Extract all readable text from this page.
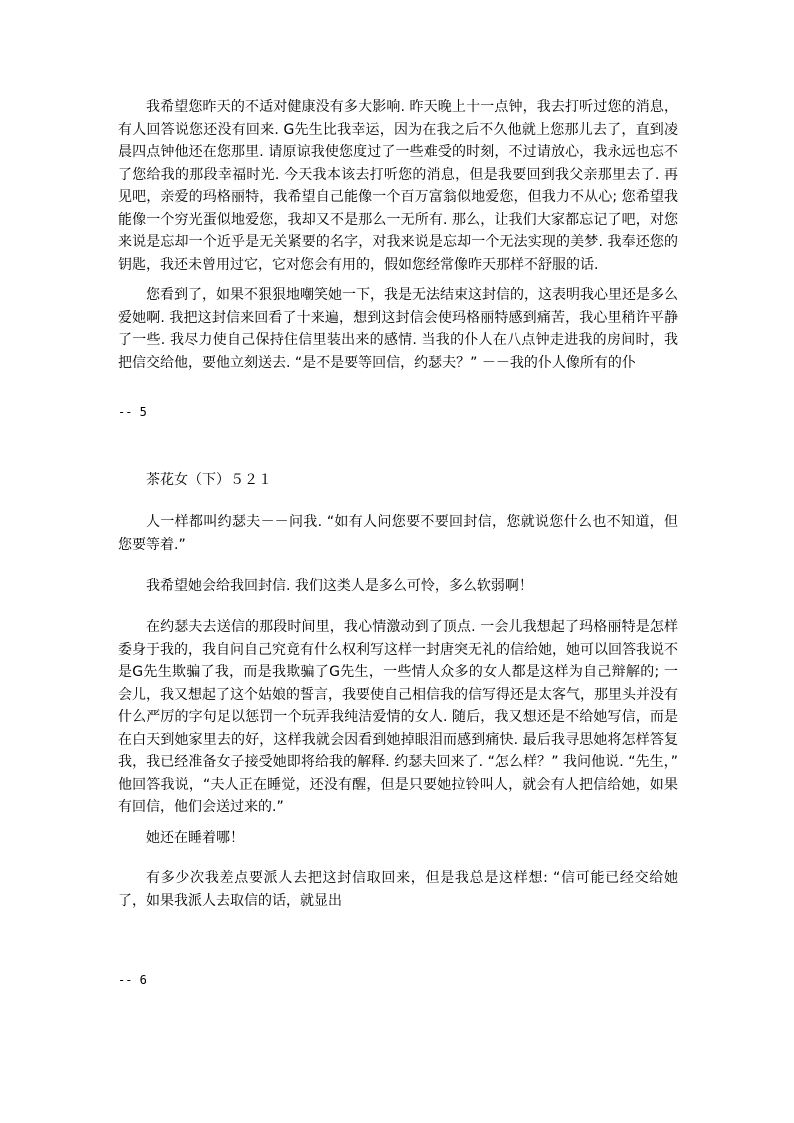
我希望您昨天的不适对健康没有多大影响. 昨天晚上十一点钟，我去打听过您的消息，有人回答说您还没有回来. G先生比我幸运，因为在我之后不久他就上您那儿去了，直到凌晨四点钟他还在您那里. 请原谅我使您度过了一些难受的时刻，不过请放心，我永远也忘不了您给我的那段幸福时光. 今天我本该去打听您的消息，但是我要回到我父亲那里去了. 再见吧，亲爱的玛格丽特，我希望自己能像一个百万富翁似地爱您，但我力不从心; 您希望我能像一个穷光蛋似地爱您，我却又不是那么一无所有. 那么，让我们大家都忘记了吧，对您来说是忘却一个近乎是无关紧要的名字，对我来说是忘却一个无法实现的美梦. 我奉还您的钥匙，我还未曾用过它，它对您会有用的，假如您经常像昨天那样不舒服的话.

您看到了，如果不狠狠地嘲笑她一下，我是无法结束这封信的，这表明我心里还是多么爱她啊. 我把这封信来回看了十来遍，想到这封信会使玛格丽特感到痛苦，我心里稍许平静了一些. 我尽力使自己保持住信里装出来的感情. 当我的仆人在八点钟走进我的房间时，我把信交给他，要他立刻送去. “是不是要等回信，约瑟夫？” －－我的仆人像所有的仆

-- 5
茶花女（下）５２１

人一样都叫约瑟夫－－问我. “如有人问您要不要回封信，您就说您什么也不知道，但您要等着.”

我希望她会给我回封信. 我们这类人是多么可怜，多么软弱啊！

在约瑟夫去送信的那段时间里，我心情激动到了顶点. 一会儿我想起了玛格丽特是怎样委身于我的，我自问自己究竟有什么权利写这样一封唐突无礼的信给她，她可以回答我说不是G先生欺骗了我，而是我欺骗了G先生，一些情人众多的女人都是这样为自己辩解的; 一会儿，我又想起了这个姑娘的誓言，我要使自己相信我的信写得还是太客气，那里头并没有什么严厉的字句足以惩罚一个玩弄我纯洁爱情的女人. 随后，我又想还是不给她写信，而是在白天到她家里去的好，这样我就会因看到她掉眼泪而感到痛快. 最后我寻思她将怎样答复我，我已经准备女子接受她即将给我的解释. 约瑟夫回来了. “怎么样？” 我问他说. “先生，” 他回答我说，“夫人正在睡觉，还没有醒，但是只要她拉铃叫人，就会有人把信给她，如果有回信，他们会送过来的.”

她还在睡着哪！

有多少次我差点要派人去把这封信取回来，但是我总是这样想: “信可能已经交给她了，如果我派人去取信的话，就显出

-- 6
